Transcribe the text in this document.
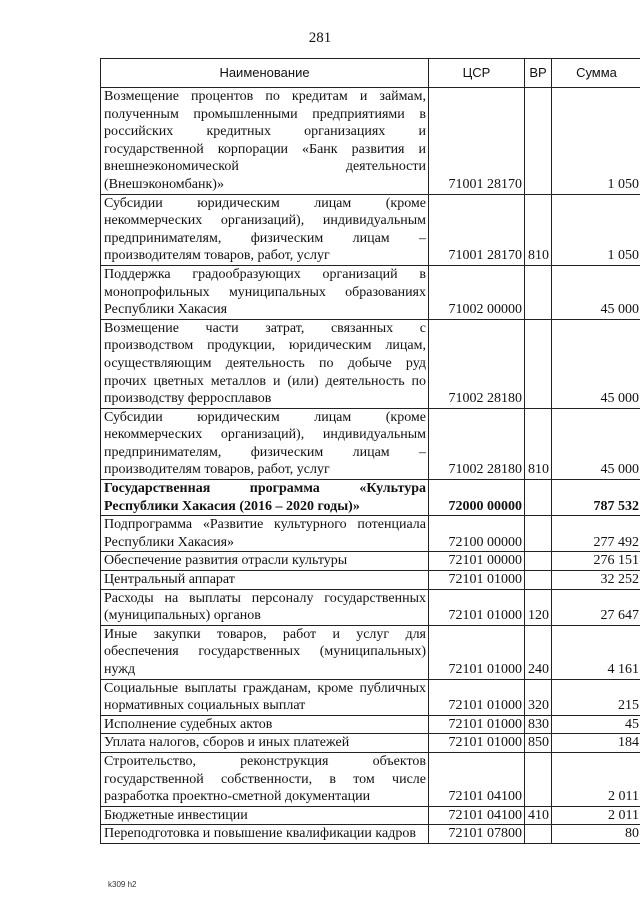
281
Наименование	ЦСР	ВР	Сумма
Возмещение процентов по кредитам и займам, полученным промышленными предприятиями в российских кредитных организациях и государственной корпорации «Банк развития и внешнеэкономической деятельности (Внешэкономбанк)»	71001 28170		1 050
Субсидии юридическим лицам (кроме некоммерческих организаций), индивидуальным предпринимателям, физическим лицам – производителям товаров, работ, услуг	71001 28170	810	1 050
Поддержка градообразующих организаций в монопрофильных муниципальных образованиях Республики Хакасия	71002 00000		45 000
Возмещение части затрат, связанных с производством продукции, юридическим лицам, осуществляющим деятельность по добыче руд прочих цветных металлов и (или) деятельность по производству ферросплавов	71002 28180		45 000
Субсидии юридическим лицам (кроме некоммерческих организаций), индивидуальным предпринимателям, физическим лицам – производителям товаров, работ, услуг	71002 28180	810	45 000
Государственная программа «Культура Республики Хакасия (2016 – 2020 годы)»	72000 00000		787 532
Подпрограмма «Развитие культурного потенциала Республики Хакасия»	72100 00000		277 492
Обеспечение развития отрасли культуры	72101 00000		276 151
Центральный аппарат	72101 01000		32 252
Расходы на выплаты персоналу государственных (муниципальных) органов	72101 01000	120	27 647
Иные закупки товаров, работ и услуг для обеспечения государственных (муниципальных) нужд	72101 01000	240	4 161
Социальные выплаты гражданам, кроме публичных нормативных социальных выплат	72101 01000	320	215
Исполнение судебных актов	72101 01000	830	45
Уплата налогов, сборов и иных платежей	72101 01000	850	184
Строительство, реконструкция объектов государственной собственности, в том числе разработка проектно-сметной документации	72101 04100		2 011
Бюджетные инвестиции	72101 04100	410	2 011
Переподготовка и повышение квалификации кадров	72101 07800		80
k309 h2
